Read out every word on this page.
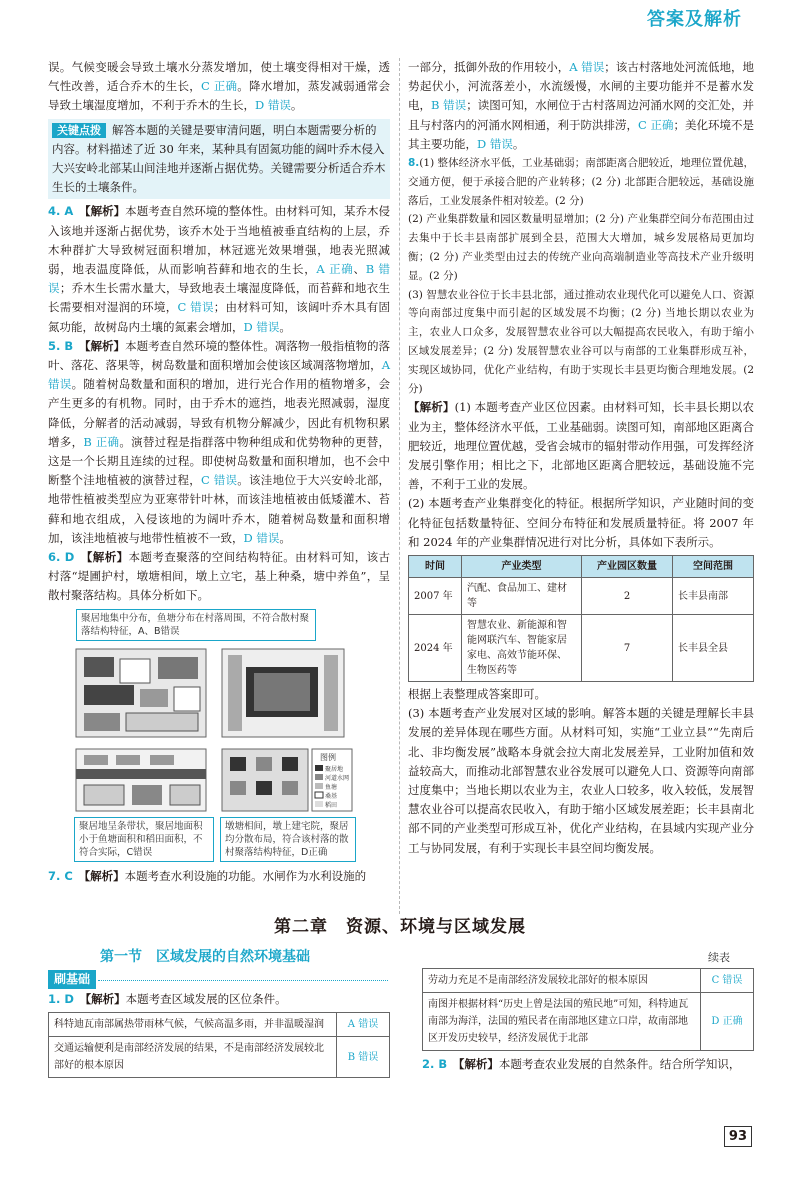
答案及解析

误。气候变暖会导致土壤水分蒸发增加，使土壤变得相对干燥，透气性改善，适合乔木的生长，C 正确。降水增加，蒸发减弱通常会导致土壤湿度增加，不利于乔木的生长，D 错误。

关键点拨 解答本题的关键是要审清问题，明白本题需要分析的内容。材料描述了近 30 年来，某种具有固氮功能的阔叶乔木侵入大兴安岭北部某山间洼地并逐渐占据优势。关键需要分析适合乔木生长的土壤条件。

4. A　 【解析】本题考查自然环境的整体性。由材料可知，某乔木侵入该地并逐渐占据优势，该乔木处于当地植被垂直结构的上层，乔木种群扩大导致树冠面积增加，林冠遮光效果增强，地表光照减弱，地表温度降低，从而影响苔藓和地衣的生长，A 正确、B 错误；乔木生长需水量大，导致地表土壤湿度降低，而苔藓和地衣生长需要相对湿润的环境，C 错误；由材料可知，该阔叶乔木具有固氮功能，故树岛内土壤的氮素会增加，D 错误。

5. B　 【解析】本题考查自然环境的整体性。凋落物一般指植物的落叶、落花、落果等，树岛数量和面积增加会使该区域凋落物增加，A 错误。随着树岛数量和面积的增加，进行光合作用的植物增多，会产生更多的有机物。同时，由于乔木的遮挡，地表光照减弱，湿度降低，分解者的活动减弱，导致有机物分解减少，因此有机物积累增多，B 正确。演替过程是指群落中物种组成和优势物种的更替，这是一个长期且连续的过程。即使树岛数量和面积增加，也不会中断整个洼地植被的演替过程，C 错误。该洼地位于大兴安岭北部，地带性植被类型应为亚寒带针叶林，而该洼地植被由低矮灌木、苔藓和地衣组成，入侵该地的为阔叶乔木，随着树岛数量和面积增加，该洼地植被与地带性植被不一致，D 错误。

6. D　 【解析】本题考查聚落的空间结构特征。由材料可知，该古村落“堤圃护村，墩塘相间，墩上立宅，基上种桑，塘中养鱼”，呈散村聚落结构。具体分析如下。

图例
聚居地
河道水网
鱼塘
桑基
稻田
聚居地集中分布，鱼塘分布在村落周围，不符合散村聚落结构特征，A、B错误
聚居地呈条带状，聚居地面积小于鱼塘面积和稻田面积，不符合实际，C错误
墩塘相间，墩上建宅院，聚居均分散布局，符合该村落的散村聚落结构特征，D正确

7. C　 【解析】本题考查水利设施的功能。水闸作为水利设施的

一部分，抵御外敌的作用较小，A 错误；该古村落地处河流低地，地势起伏小，河流落差小，水流缓慢，水闸的主要功能并不是蓄水发电，B 错误；读图可知，水闸位于古村落周边河涌水网的交汇处，并且与村落内的河涌水网相通，利于防洪排涝，C 正确；美化环境不是其主要功能，D 错误。

8.(1) 整体经济水平低，工业基础弱；南部距离合肥较近，地理位置优越，交通方便，便于承接合肥的产业转移；(2 分) 北部距合肥较远，基础设施落后，工业发展条件相对较差。(2 分)

(2) 产业集群数量和园区数量明显增加；(2 分) 产业集群空间分布范围由过去集中于长丰县南部扩展到全县，范围大大增加，城乡发展格局更加均衡；(2 分) 产业类型由过去的传统产业向高端制造业等高技术产业升级明显。(2 分)

(3) 智慧农业谷位于长丰县北部，通过推动农业现代化可以避免人口、资源等向南部过度集中而引起的区域发展不均衡；(2 分) 当地长期以农业为主，农业人口众多，发展智慧农业谷可以大幅提高农民收入，有助于缩小区域发展差异；(2 分) 发展智慧农业谷可以与南部的工业集群形成互补，实现区域协同，优化产业结构，有助于实现长丰县更均衡合理地发展。(2 分)

【解析】(1) 本题考查产业区位因素。由材料可知，长丰县长期以农业为主，整体经济水平低，工业基础弱。读图可知，南部地区距离合肥较近，地理位置优越，受省会城市的辐射带动作用强，可发挥经济发展引擎作用；相比之下，北部地区距离合肥较远，基础设施不完善，不利于工业的发展。

(2) 本题考查产业集群变化的特征。根据所学知识，产业随时间的变化特征包括数量特征、空间分布特征和发展质量特征。将 2007 年和 2024 年的产业集群情况进行对比分析，具体如下表所示。

时间	产业类型	产业园区数量	空间范围
2007 年	汽配、食品加工、建材等	2	长丰县南部
2024 年	智慧农业、新能源和智能网联汽车、智能家居家电、高效节能环保、生物医药等	7	长丰县全县

根据上表整理成答案即可。

(3) 本题考查产业发展对区域的影响。解答本题的关键是理解长丰县发展的差异体现在哪些方面。从材料可知，实施“工业立县”“先南后北、非均衡发展”战略本身就会拉大南北发展差异，工业附加值和效益较高大，而推动北部智慧农业谷发展可以避免人口、资源等向南部过度集中；当地长期以农业为主，农业人口较多，收入较低，发展智慧农业谷可以提高农民收入，有助于缩小区域发展差距；长丰县南北部不同的产业类型可形成互补，优化产业结构，在县域内实现产业分工与协同发展，有利于实现长丰县空间均衡发展。

第二章　资源、环境与区域发展
第一节　区域发展的自然环境基础	续表
刷基础

1. D　 【解析】本题考查区域发展的区位条件。

科特迪瓦南部属热带雨林气候，气候高温多雨，并非温暖湿润	A 错误
交通运输便利是南部经济发展的结果，不是南部经济发展较北部好的根本原因	B 错误
劳动力充足不是南部经济发展较北部好的根本原因	C 错误
南图并根据材料“历史上曾是法国的殖民地”可知，科特迪瓦南部为海洋，法国的殖民者在南部地区建立口岸，故南部地区开发历史较早，经济发展优于北部	D 正确

2. B　 【解析】本题考查农业发展的自然条件。结合所学知识，

93
